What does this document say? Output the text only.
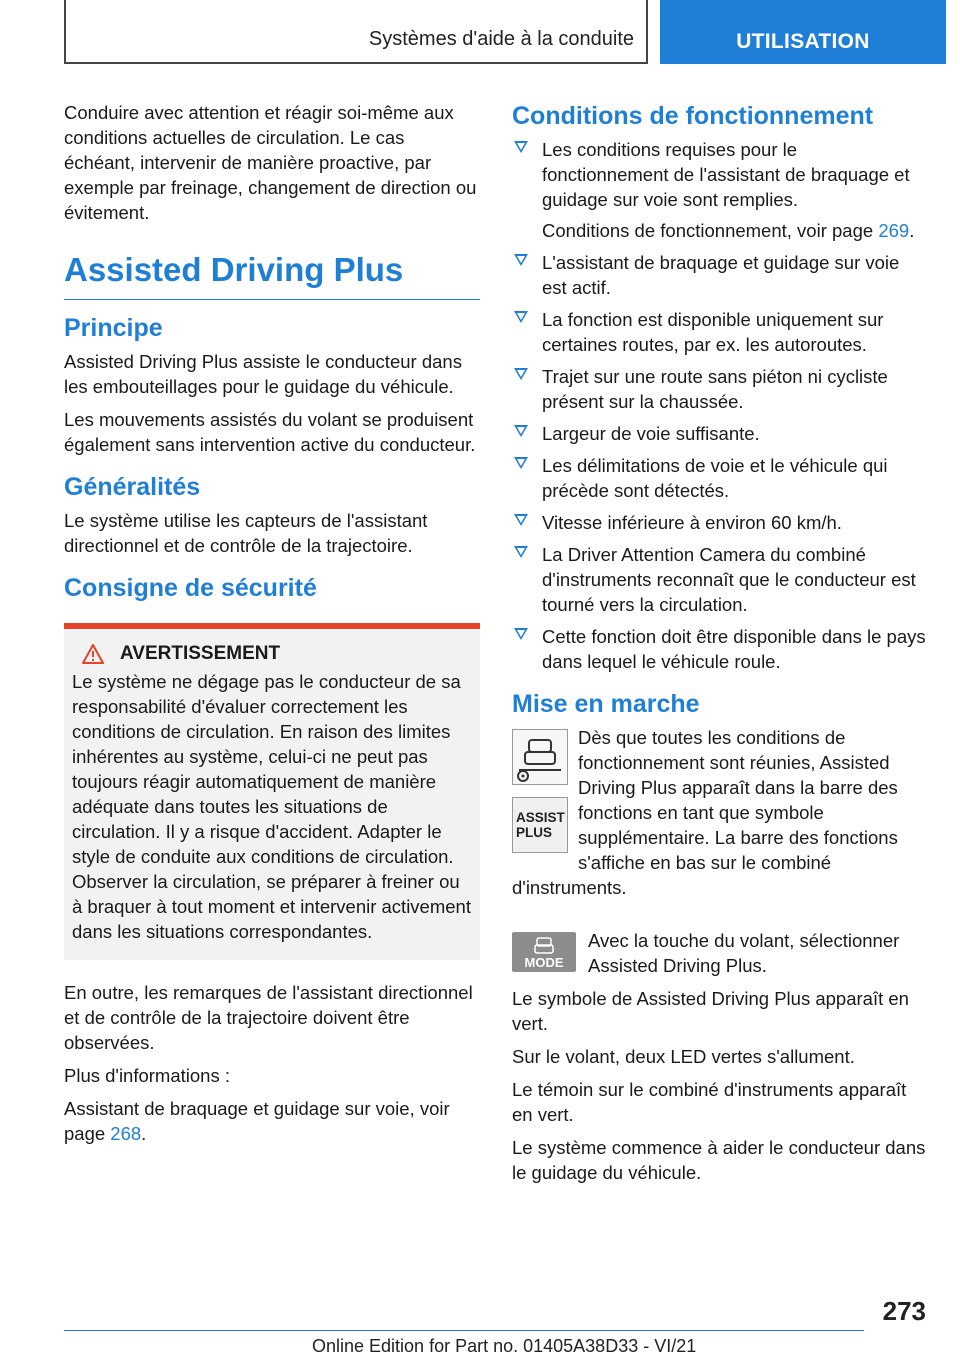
Systèmes d'aide à la conduite	UTILISATION

Conduire avec attention et réagir soi-même aux conditions actuelles de circulation. Le cas échéant, intervenir de manière proactive, par exemple par freinage, changement de direction ou évitement.

Assisted Driving Plus
Principe

Assisted Driving Plus assiste le conducteur dans les embouteillages pour le guidage du véhicule.

Les mouvements assistés du volant se produisent également sans intervention active du conducteur.

Généralités

Le système utilise les capteurs de l'assistant directionnel et de contrôle de la trajectoire.

Consigne de sécurité
AVERTISSEMENT

Le système ne dégage pas le conducteur de sa responsabilité d'évaluer correctement les conditions de circulation. En raison des limites inhérentes au système, celui-ci ne peut pas toujours réagir automatiquement de manière adéquate dans toutes les situations de circulation. Il y a risque d'accident. Adapter le style de conduite aux conditions de circulation. Observer la circulation, se préparer à freiner ou à braquer à tout moment et intervenir activement dans les situations correspondantes.

En outre, les remarques de l'assistant directionnel et de contrôle de la trajectoire doivent être observées.

Plus d'informations :

Assistant de braquage et guidage sur voie, voir page 268.

Conditions de fonctionnement
Les conditions requises pour le fonctionnement de l'assistant de braquage et guidage sur voie sont remplies.
Conditions de fonctionnement, voir page 269.
L'assistant de braquage et guidage sur voie est actif.
La fonction est disponible uniquement sur certaines routes, par ex. les autoroutes.
Trajet sur une route sans piéton ni cycliste présent sur la chaussée.
Largeur de voie suffisante.
Les délimitations de voie et le véhicule qui précède sont détectés.
Vitesse inférieure à environ 60 km/h.
La Driver Attention Camera du combiné d'instruments reconnaît que le conducteur est tourné vers la circulation.
Cette fonction doit être disponible dans le pays dans lequel le véhicule roule.
Mise en marche
ASSIST PLUS

Dès que toutes les conditions de fonctionnement sont réunies, Assisted Driving Plus apparaît dans la barre des fonctions en tant que symbole supplémentaire. La barre des fonctions s'affiche en bas sur le combiné d'instruments.

MODE

Avec la touche du volant, sélectionner Assisted Driving Plus.

Le symbole de Assisted Driving Plus apparaît en vert.

Sur le volant, deux LED vertes s'allument.

Le témoin sur le combiné d'instruments apparaît en vert.

Le système commence à aider le conducteur dans le guidage du véhicule.

273
Online Edition for Part no. 01405A38D33 - VI/21
